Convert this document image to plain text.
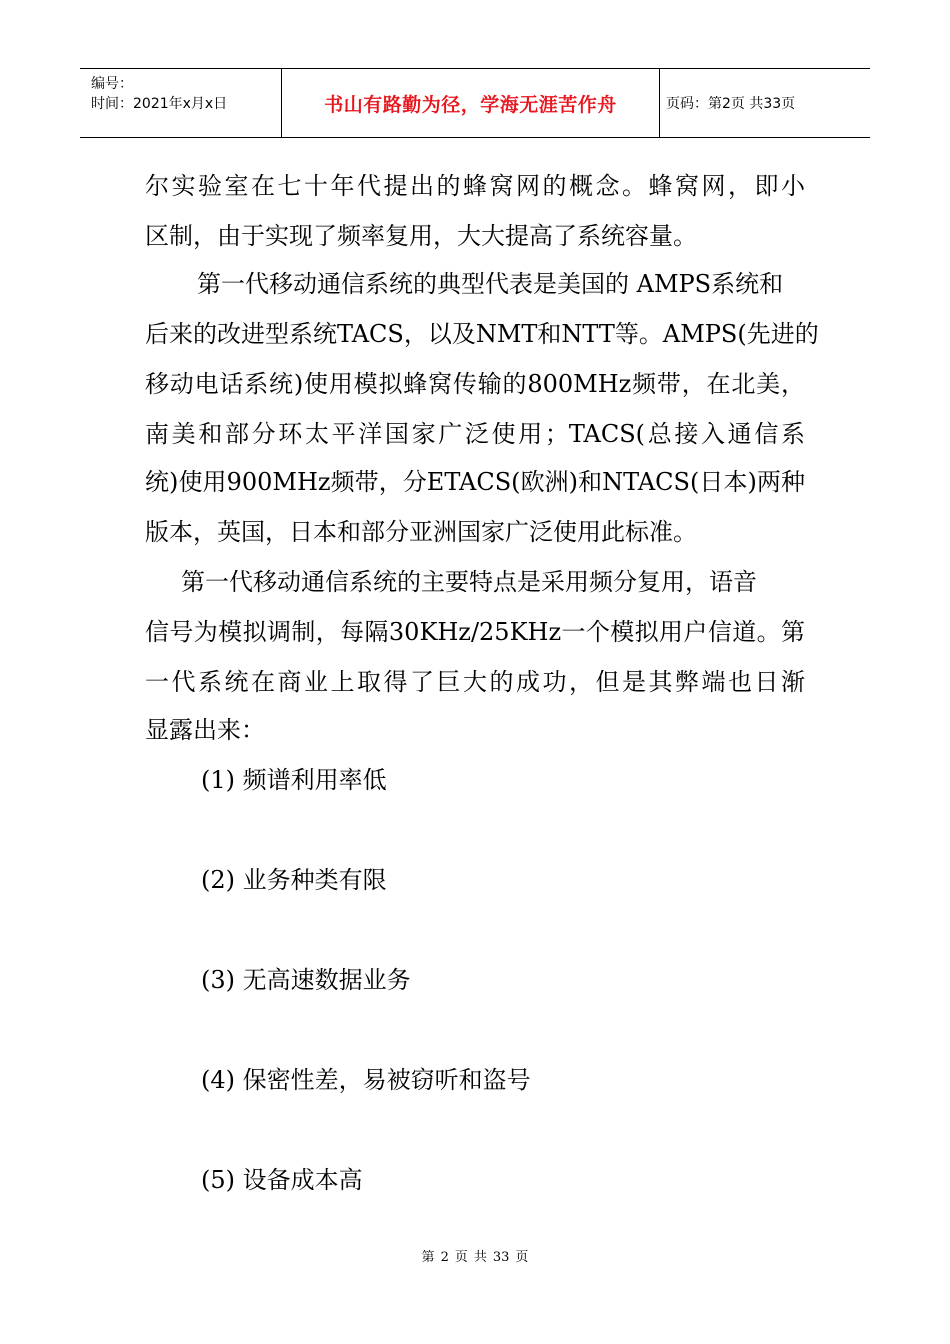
编号：
时间：2021年x月x日	书山有路勤为径，学海无涯苦作舟	页码：第2页 共33页
尔实验室在七十年代提出的蜂窝网的概念。蜂窝网，即小
区制，由于实现了频率复用，大大提高了系统容量。
第一代移动通信系统的典型代表是美国的 AMPS系统和
后来的改进型系统TACS，以及NMT和NTT等。AMPS(先进的
移动电话系统)使用模拟蜂窝传输的800MHz频带，在北美，
南美和部分环太平洋国家广泛使用；TACS(总接入通信系
统)使用900MHz频带，分ETACS(欧洲)和NTACS(日本)两种
版本，英国，日本和部分亚洲国家广泛使用此标准。
第一代移动通信系统的主要特点是采用频分复用，语音
信号为模拟调制，每隔30KHz/25KHz一个模拟用户信道。第
一代系统在商业上取得了巨大的成功，但是其弊端也日渐
显露出来：
(1) 频谱利用率低
(2) 业务种类有限
(3) 无高速数据业务
(4) 保密性差，易被窃听和盗号
(5) 设备成本高
第 2 页 共 33 页
